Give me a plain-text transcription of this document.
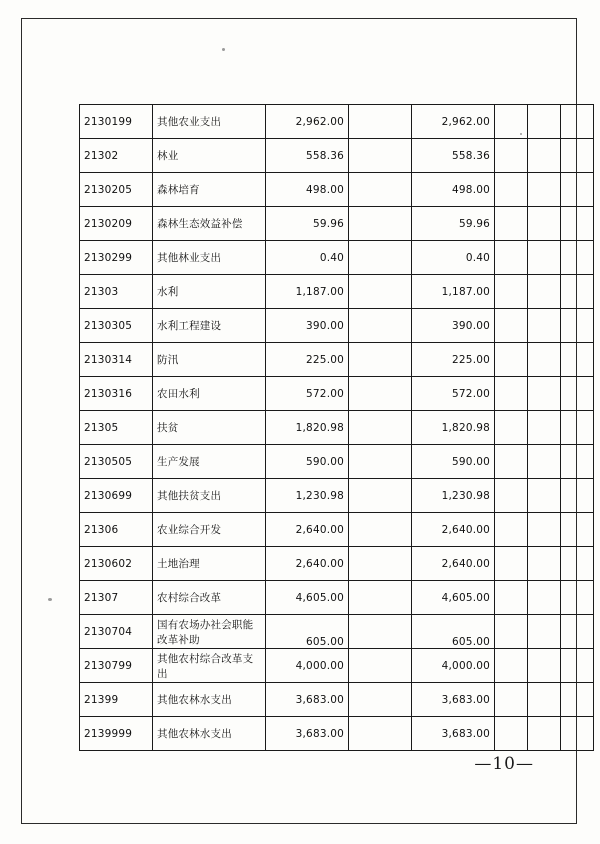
2130199	其他农业支出	2,962.00		2,962.00			
21302	林业	558.36		558.36			
2130205	森林培育	498.00		498.00			
2130209	森林生态效益补偿	59.96		59.96			
2130299	其他林业支出	0.40		0.40			
21303	水利	1,187.00		1,187.00			
2130305	水利工程建设	390.00		390.00			
2130314	防汛	225.00		225.00			
2130316	农田水利	572.00		572.00			
21305	扶贫	1,820.98		1,820.98			
2130505	生产发展	590.00		590.00			
2130699	其他扶贫支出	1,230.98		1,230.98			
21306	农业综合开发	2,640.00		2,640.00			
2130602	土地治理	2,640.00		2,640.00			
21307	农村综合改革	4,605.00		4,605.00			
2130704	国有农场办社会职能改革补助	605.00		605.00			
2130799	其他农村综合改革支出	4,000.00		4,000.00			
21399	其他农林水支出	3,683.00		3,683.00			
2139999	其他农林水支出	3,683.00		3,683.00			
—10—
